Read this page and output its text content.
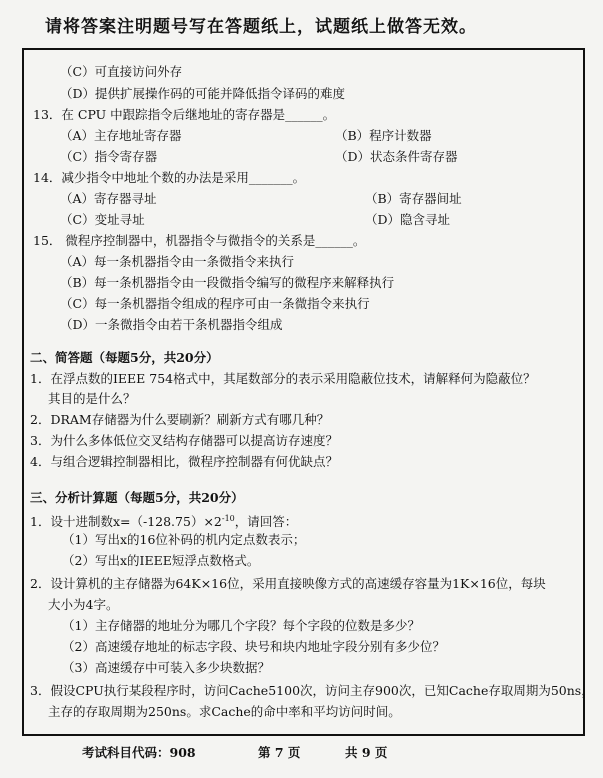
请将答案注明题号写在答题纸上，试题纸上做答无效。
（C）可直接访问外存
（D）提供扩展操作码的可能并降低指令译码的难度
13．在 CPU 中跟踪指令后继地址的寄存器是______。
（A）主存地址寄存器	（B）程序计数器
（C）指令寄存器	（D）状态条件寄存器
14．减少指令中地址个数的办法是采用_______。
（A）寄存器寻址	（B）寄存器间址
（C）变址寻址	（D）隐含寻址
15． 微程序控制器中，机器指令与微指令的关系是______。
（A）每一条机器指令由一条微指令来执行
（B）每一条机器指令由一段微指令编写的微程序来解释执行
（C）每一条机器指令组成的程序可由一条微指令来执行
（D）一条微指令由若干条机器指令组成
二、简答题（每题5分，共20分）
1．在浮点数的IEEE 754格式中，其尾数部分的表示采用隐蔽位技术，请解释何为隐蔽位？
其目的是什么？
2．DRAM存储器为什么要刷新？刷新方式有哪几种？
3．为什么多体低位交叉结构存储器可以提高访存速度？
4．与组合逻辑控制器相比，微程序控制器有何优缺点？
三、分析计算题（每题5分，共20分）
1．设十进制数$x=(-128.75)\times 2^{-10}$，请回答：
（1）写出x的16位补码的机内定点数表示；
（2）写出x的IEEE短浮点数格式。
2．设计算机的主存储器为64K×16位，采用直接映像方式的高速缓存容量为1K×16位，每块
大小为4字。
（1）主存储器的地址分为哪几个字段？每个字段的位数是多少？
（2）高速缓存地址的标志字段、块号和块内地址字段分别有多少位？
（3）高速缓存中可装入多少块数据？
3．假设CPU执行某段程序时，访问Cache5100次，访问主存900次，已知Cache存取周期为50ns，
主存的存取周期为250ns。求Cache的命中率和平均访问时间。
考试科目代码：908	第 7 页	共 9 页
